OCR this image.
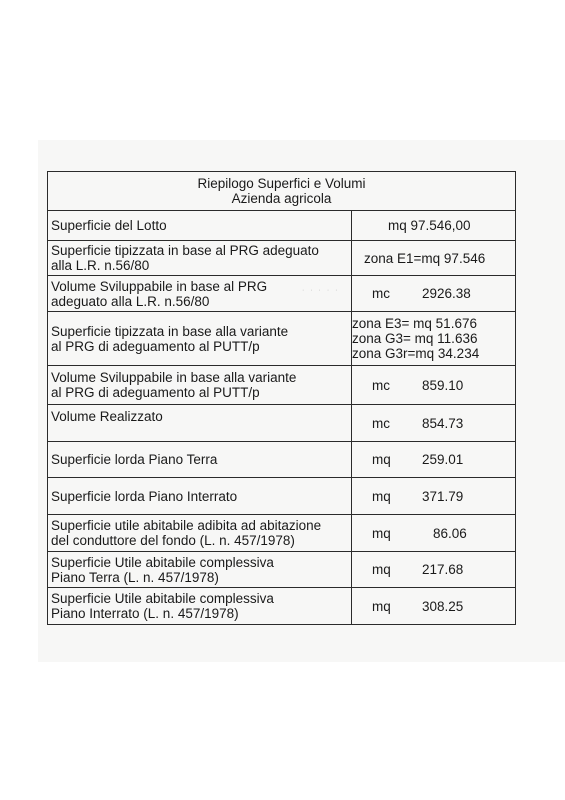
Riepilogo Superfici e Volumi
Azienda agricola	

Superficie del Lotto	mq 97.546,00

Superficie tipizzata in base al PRG adeguato
alla L.R. n.56/80	zona E1=mq 97.546

Volume Sviluppabile in base al PRG
adeguato alla L.R. n.56/80	mc 2926.38

Superficie tipizzata in base alla variante
al PRG di adeguamento al PUTT/p	zona E3= mq 51.676
zona G3= mq 11.636
zona G3r=mq 34.234

Volume Sviluppabile in base alla variante
al PRG di adeguamento al PUTT/p	mc 859.10

Volume Realizzato	mc 854.73

Superficie lorda Piano Terra	mq 259.01

Superficie lorda Piano Interrato	mq 371.79

Superficie utile abitabile adibita ad abitazione
del conduttore del fondo (L. n. 457/1978)	mq 86.06

Superficie Utile abitabile complessiva
Piano Terra (L. n. 457/1978)	mq 217.68

Superficie Utile abitabile complessiva
Piano Interrato (L. n. 457/1978)	mq 308.25
· · · · ·
